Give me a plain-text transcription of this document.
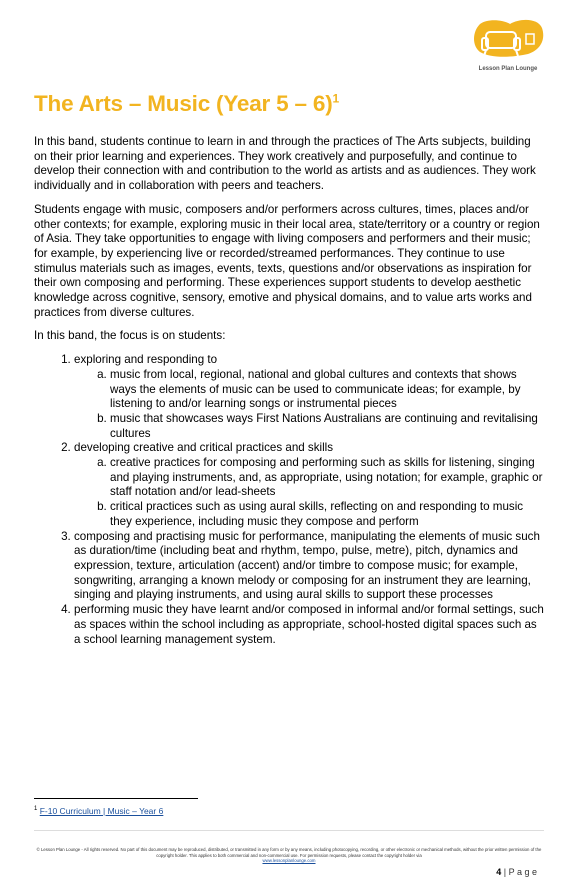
Lesson Plan Lounge
The Arts – Music (Year 5 – 6)$^1$

In this band, students continue to learn in and through the practices of The Arts subjects, building on their prior learning and experiences. They work creatively and purposefully, and continue to develop their connection with and contribution to the world as artists and as audiences. They work individually and in collaboration with peers and teachers.

Students engage with music, composers and/or performers across cultures, times, places and/or other contexts; for example, exploring music in their local area, state/territory or a country or region of Asia. They take opportunities to engage with living composers and performers and their music; for example, by experiencing live or recorded/streamed performances. They continue to use stimulus materials such as images, events, texts, questions and/or observations as inspiration for their own composing and performing. These experiences support students to develop aesthetic knowledge across cognitive, sensory, emotive and physical domains, and to value arts works and practices from diverse cultures.

In this band, the focus is on students:

1. exploring and responding to
a. music from local, regional, national and global cultures and contexts that shows ways the elements of music can be used to communicate ideas; for example, by listening to and/or learning songs or instrumental pieces
b. music that showcases ways First Nations Australians are continuing and revitalising cultures
2. developing creative and critical practices and skills
a. creative practices for composing and performing such as skills for listening, singing and playing instruments, and, as appropriate, using notation; for example, graphic or staff notation and/or lead-sheets
b. critical practices such as using aural skills, reflecting on and responding to music they experience, including music they compose and perform
3. composing and practising music for performance, manipulating the elements of music such as duration/time (including beat and rhythm, tempo, pulse, metre), pitch, dynamics and expression, texture, articulation (accent) and/or timbre to compose music; for example, songwriting, arranging a known melody or composing for an instrument they are learning, singing and playing instruments, and using aural skills to support these processes
4. performing music they have learnt and/or composed in informal and/or formal settings, such as spaces within the school including as appropriate, school-hosted digital spaces such as a school learning management system.
$^1$ F-10 Curriculum | Music – Year 6
© Lesson Plan Lounge - All rights reserved. No part of this document may be reproduced, distributed, or transmitted in any form or by any means, including photocopying, recording, or other electronic or mechanical methods, without the prior written permission of the copyright holder. This applies to both commercial and non-commercial use. For permission requests, please contact the copyright holder via
www.lessonplanlounge.com
4 | P a g e
